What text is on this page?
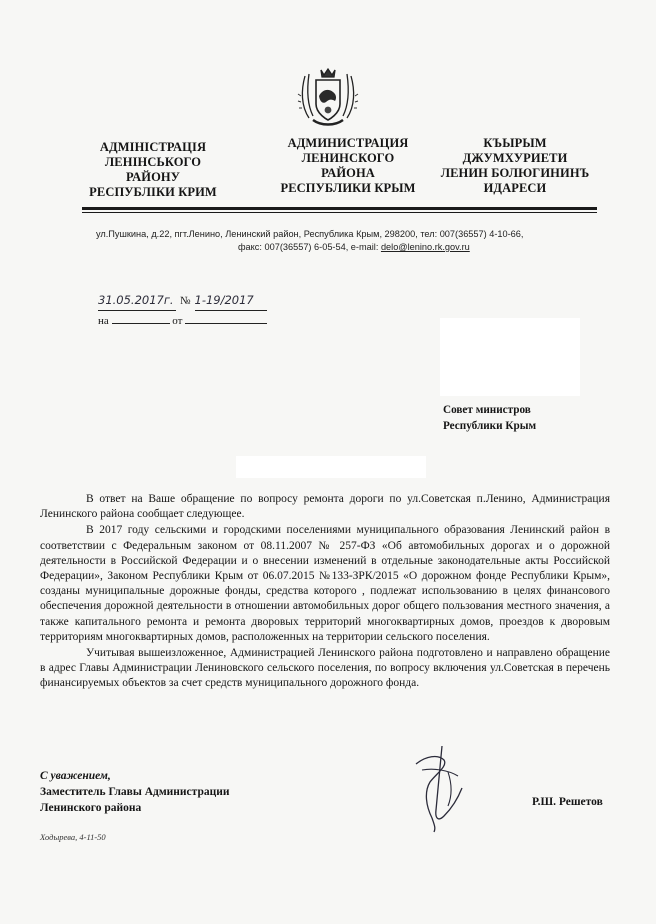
АДМІНІСТРАЦІЯ
ЛЕНІНСЬКОГО
РАЙОНУ
РЕСПУБЛІКИ КРИМ
АДМИНИСТРАЦИЯ
ЛЕНИНСКОГО
РАЙОНА
РЕСПУБЛИКИ КРЫМ
КЪЫРЫМ
ДЖУМХУРИЕТИ
ЛЕНИН БОЛЮГИНИНЪ
ИДАРЕСИ
ул.Пушкина, д.22, пгт.Ленино, Ленинский район, Республика Крым, 298200, тел: 007(36557) 4-10-66,
факс: 007(36557) 6-05-54, e-mail: delo@lenino.rk.gov.ru
31.05.2017г. № 1-19/2017
на	от
Совет министров
Республики Крым

В ответ на Ваше обращение по вопросу ремонта дороги по ул.Советская п.Ленино, Администрация Ленинского района сообщает следующее.

В 2017 году сельскими и городскими поселениями муниципального образования Ленинский район в соответствии с Федеральным законом от 08.11.2007 № 257-ФЗ «Об автомобильных дорогах и о дорожной деятельности в Российской Федерации и о внесении изменений в отдельные законодательные акты Российской Федерации», Законом Республики Крым от 06.07.2015 №133-ЗРК/2015 «О дорожном фонде Республики Крым», созданы муниципальные дорожные фонды, средства которого , подлежат использованию в целях финансового обеспечения дорожной деятельности в отношении автомобильных дорог общего пользования местного значения, а также капитального ремонта и ремонта дворовых территорий многоквартирных домов, проездов к дворовым территориям многоквартирных домов, расположенных на территории сельского поселения.

Учитывая вышеизложенное, Администрацией Ленинского района подготовлено и направлено обращение в адрес Главы Администрации Лениновского сельского поселения, по вопросу включения ул.Советская в перечень финансируемых объектов за счет средств муниципального дорожного фонда.

С уважением,
Заместитель Главы Администрации
Ленинского района	Р.Ш. Решетов
Ходырева, 4-11-50
